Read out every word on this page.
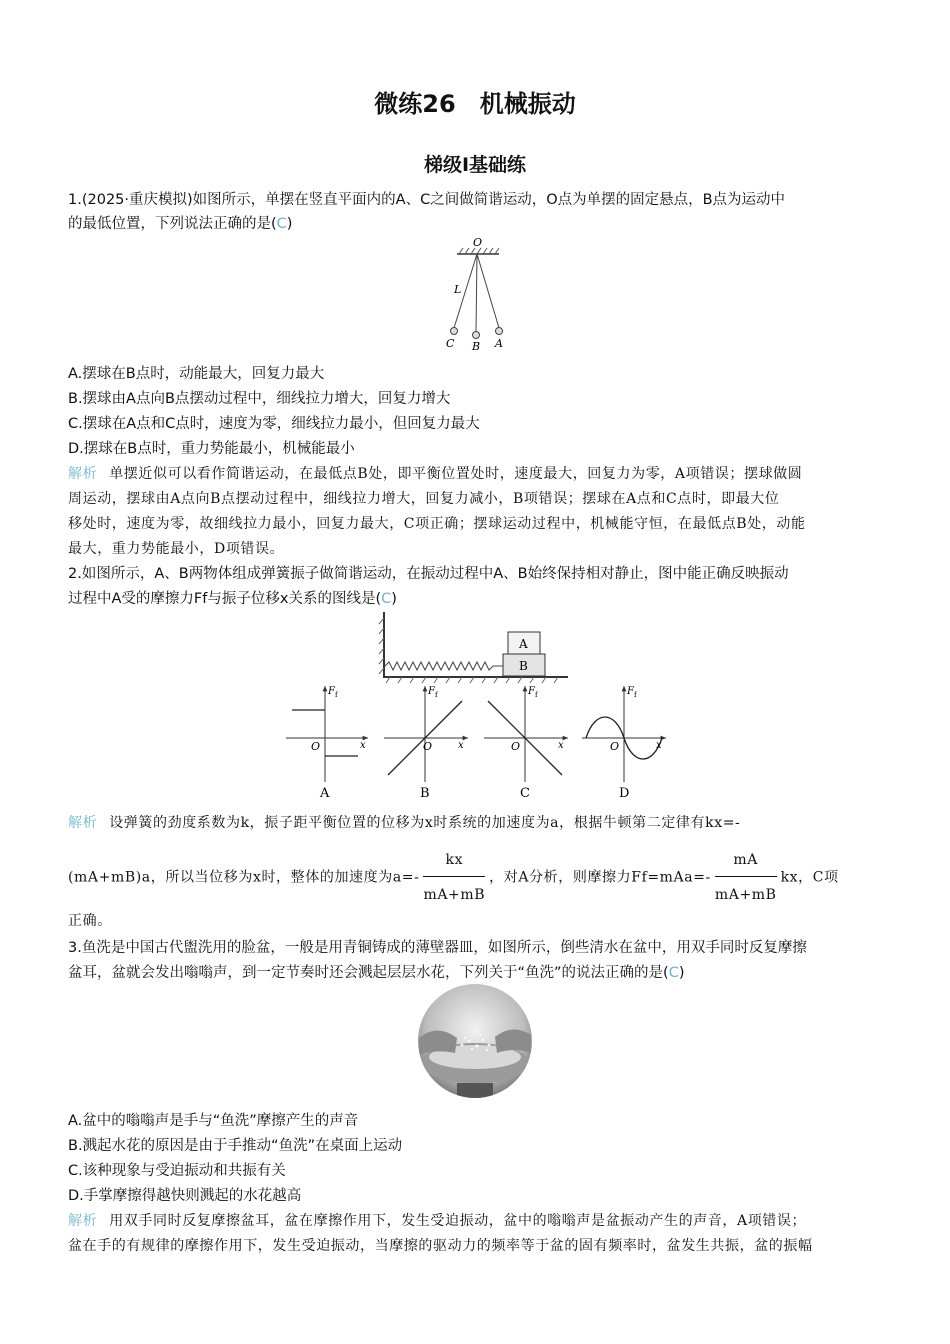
微练26　机械振动
梯级Ⅰ基础练
1.(2025·重庆模拟)如图所示，单摆在竖直平面内的A、C之间做简谐运动，O点为单摆的固定悬点，B点为运动中
的最低位置，下列说法正确的是(C)
O
L
C B A
A.摆球在B点时，动能最大，回复力最大
B.摆球由A点向B点摆动过程中，细线拉力增大，回复力增大
C.摆球在A点和C点时，速度为零，细线拉力最小，但回复力最大
D.摆球在B点时，重力势能最小，机械能最小
解析 单摆近似可以看作简谐运动，在最低点B处，即平衡位置处时，速度最大，回复力为零，A项错误；摆球做圆
周运动，摆球由A点向B点摆动过程中，细线拉力增大，回复力减小，B项错误；摆球在A点和C点时，即最大位
移处时，速度为零，故细线拉力最小，回复力最大，C项正确；摆球运动过程中，机械能守恒，在最低点B处，动能
最大，重力势能最小，D项错误。
2.如图所示，A、B两物体组成弹簧振子做简谐运动，在振动过程中A、B始终保持相对静止，图中能正确反映振动
过程中A受的摩擦力Ff与振子位移x关系的图线是(C)
B
A
F f
x
O
A
F f
x
O
B
F f
x
O
C
F f
x
O
D
解析 设弹簧的劲度系数为k，振子距平衡位置的位移为x时系统的加速度为a，根据牛顿第二定律有kx=-
(mA+mB)a，所以当位移为x时，整体的加速度为$a=- \frac{kx}{mA+mB}$ ，对A分析，则摩擦力$Ff=mAa=- \frac{mA}{mA+mB}$ kx，C项
正确。
3.鱼洗是中国古代盥洗用的脸盆，一般是用青铜铸成的薄壁器皿，如图所示，倒些清水在盆中，用双手同时反复摩擦
盆耳，盆就会发出嗡嗡声，到一定节奏时还会溅起层层水花，下列关于“鱼洗”的说法正确的是(C)
A.盆中的嗡嗡声是手与“鱼洗”摩擦产生的声音
B.溅起水花的原因是由于手推动“鱼洗”在桌面上运动
C.该种现象与受迫振动和共振有关
D.手掌摩擦得越快则溅起的水花越高
解析 用双手同时反复摩擦盆耳，盆在摩擦作用下，发生受迫振动，盆中的嗡嗡声是盆振动产生的声音，A项错误；
盆在手的有规律的摩擦作用下，发生受迫振动，当摩擦的驱动力的频率等于盆的固有频率时，盆发生共振，盆的振幅
